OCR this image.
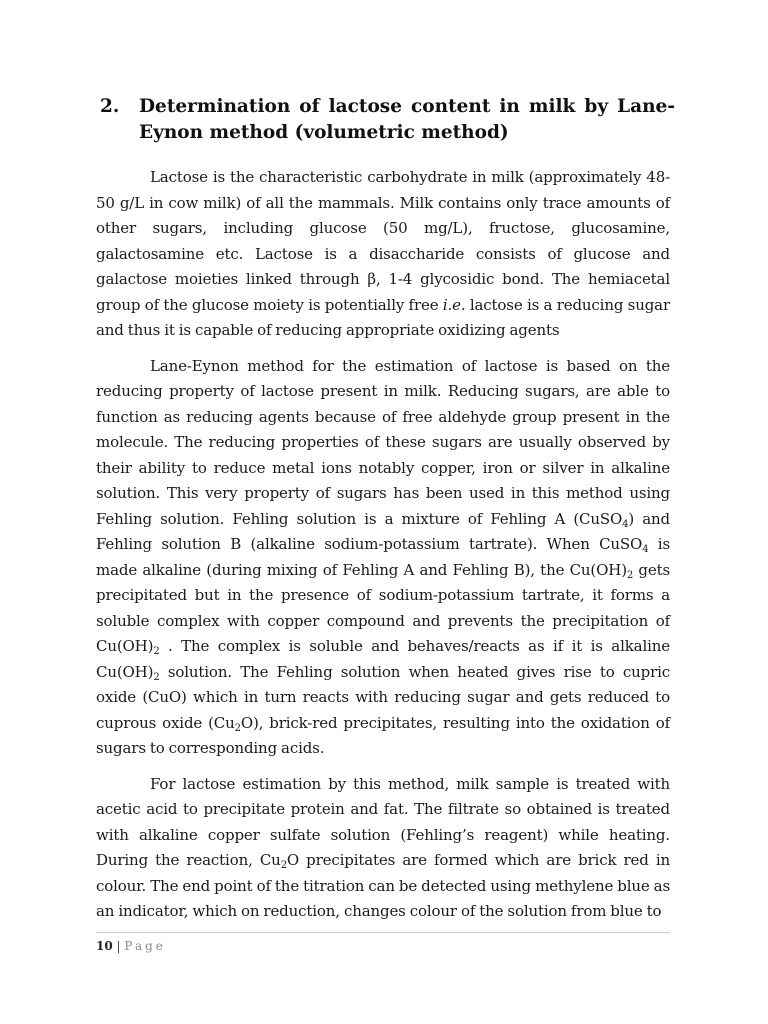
2. Determination of lactose content in milk by Lane-Eynon method (volumetric method)

Lactose is the characteristic carbohydrate in milk (approximately 48-50 g/L in cow milk) of all the mammals. Milk contains only trace amounts of other sugars, including glucose (50 mg/L), fructose, glucosamine, galactosamine etc. Lactose is a disaccharide consists of glucose and galactose moieties linked through β, 1-4 glycosidic bond. The hemiacetal group of the glucose moiety is potentially free i.e. lactose is a reducing sugar and thus it is capable of reducing appropriate oxidizing agents

Lane-Eynon method for the estimation of lactose is based on the reducing property of lactose present in milk. Reducing sugars, are able to function as reducing agents because of free aldehyde group present in the molecule. The reducing properties of these sugars are usually observed by their ability to reduce metal ions notably copper, iron or silver in alkaline solution. This very property of sugars has been used in this method using Fehling solution. Fehling solution is a mixture of Fehling A (CuSO$_4$) and Fehling solution B (alkaline sodium-potassium tartrate). When CuSO$_4$ is made alkaline (during mixing of Fehling A and Fehling B), the $Cu(OH)_2$ gets precipitated but in the presence of sodium-potassium tartrate, it forms a soluble complex with copper compound and prevents the precipitation of $Cu(OH)_2$ . The complex is soluble and behaves/reacts as if it is alkaline $Cu(OH)_2$ solution. The Fehling solution when heated gives rise to cupric oxide (CuO) which in turn reacts with reducing sugar and gets reduced to cuprous oxide $(Cu_2O)$, brick-red precipitates, resulting into the oxidation of sugars to corresponding acids.

For lactose estimation by this method, milk sample is treated with acetic acid to precipitate protein and fat. The filtrate so obtained is treated with alkaline copper sulfate solution (Fehling’s reagent) while heating. During the reaction, $Cu_2O$ precipitates are formed which are brick red in colour. The end point of the titration can be detected using methylene blue as an indicator, which on reduction, changes colour of the solution from blue to

10 | Page
